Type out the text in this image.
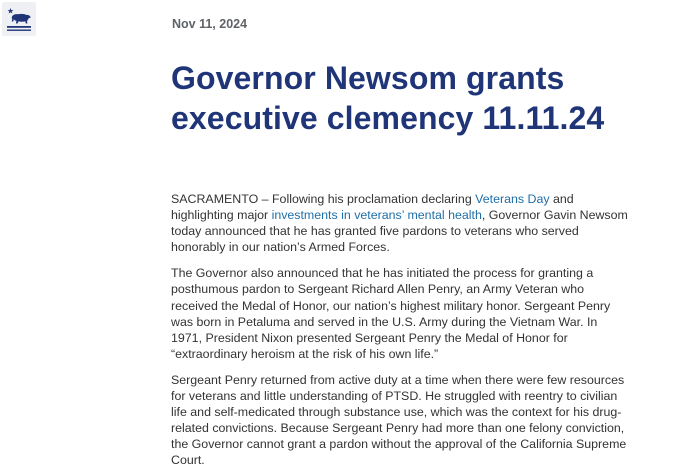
Nov 11, 2024

Governor Newsom grants executive clemency 11.11.24

SACRAMENTO – Following his proclamation declaring Veterans Day and highlighting major investments in veterans’ mental health, Governor Gavin Newsom today announced that he has granted five pardons to veterans who served honorably in our nation’s Armed Forces.

The Governor also announced that he has initiated the process for granting a posthumous pardon to Sergeant Richard Allen Penry, an Army Veteran who received the Medal of Honor, our nation’s highest military honor. Sergeant Penry was born in Petaluma and served in the U.S. Army during the Vietnam War. In 1971, President Nixon presented Sergeant Penry the Medal of Honor for “extraordinary heroism at the risk of his own life.”

Sergeant Penry returned from active duty at a time when there were few resources for veterans and little understanding of PTSD. He struggled with reentry to civilian life and self-medicated through substance use, which was the context for his drug-related convictions. Because Sergeant Penry had more than one felony conviction, the Governor cannot grant a pardon without the approval of the California Supreme Court.
